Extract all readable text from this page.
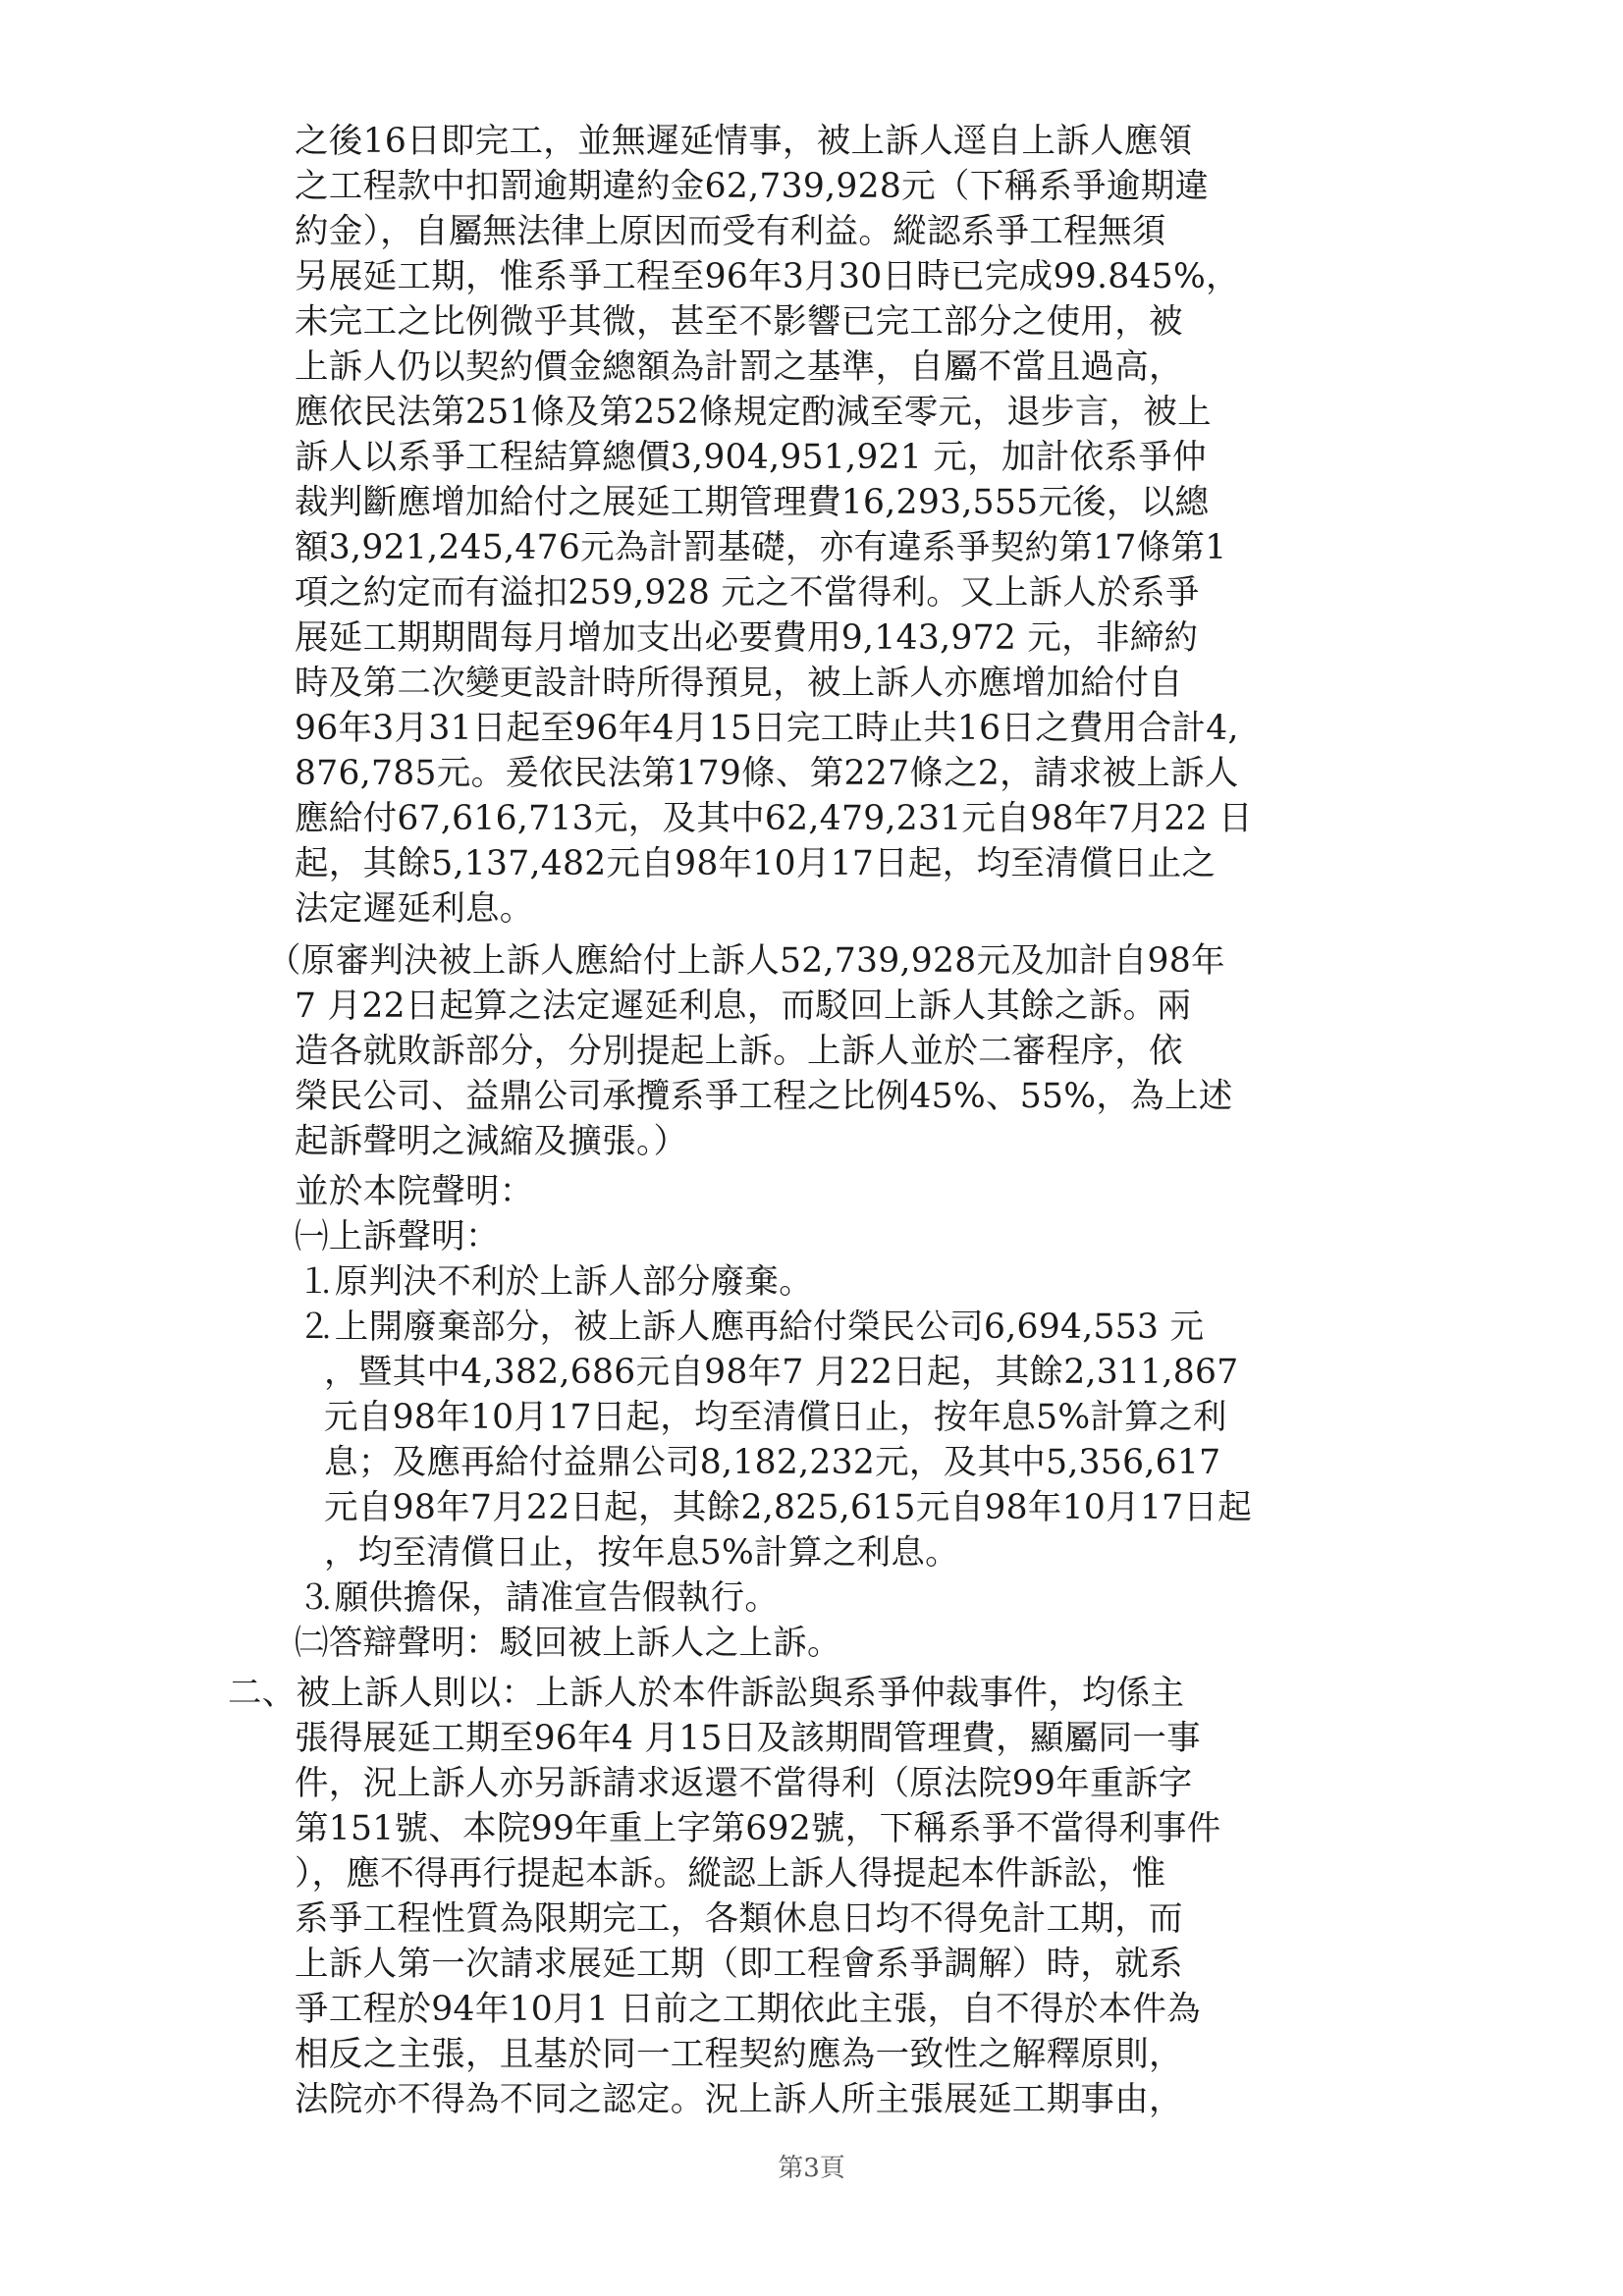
之後16日即完工，並無遲延情事，被上訴人逕自上訴人應領
之工程款中扣罰逾期違約金62,739,928元（下稱系爭逾期違
約金），自屬無法律上原因而受有利益。縱認系爭工程無須
另展延工期，惟系爭工程至96年3月30日時已完成99.845%，
未完工之比例微乎其微，甚至不影響已完工部分之使用，被
上訴人仍以契約價金總額為計罰之基準，自屬不當且過高，
應依民法第251條及第252條規定酌減至零元，退步言，被上
訴人以系爭工程結算總價3,904,951,921 元，加計依系爭仲
裁判斷應增加給付之展延工期管理費16,293,555元後，以總
額3,921,245,476元為計罰基礎，亦有違系爭契約第17條第1
項之約定而有溢扣259,928 元之不當得利。又上訴人於系爭
展延工期期間每月增加支出必要費用9,143,972 元，非締約
時及第二次變更設計時所得預見，被上訴人亦應增加給付自
96年3月31日起至96年4月15日完工時止共16日之費用合計4,
876,785元。爰依民法第179條、第227條之2，請求被上訴人
應給付67,616,713元，及其中62,479,231元自98年7月22 日
起，其餘5,137,482元自98年10月17日起，均至清償日止之
法定遲延利息。
（原審判決被上訴人應給付上訴人52,739,928元及加計自98年
7 月22日起算之法定遲延利息，而駁回上訴人其餘之訴。兩
造各就敗訴部分，分別提起上訴。上訴人並於二審程序，依
榮民公司、益鼎公司承攬系爭工程之比例45%、55%，為上述
起訴聲明之減縮及擴張。）
並於本院聲明：
㈠上訴聲明：
⒈原判決不利於上訴人部分廢棄。
⒉上開廢棄部分，被上訴人應再給付榮民公司6,694,553 元
，暨其中4,382,686元自98年7 月22日起，其餘2,311,867
元自98年10月17日起，均至清償日止，按年息5%計算之利
息；及應再給付益鼎公司8,182,232元，及其中5,356,617
元自98年7月22日起，其餘2,825,615元自98年10月17日起
，均至清償日止，按年息5%計算之利息。
⒊願供擔保，請准宣告假執行。
㈡答辯聲明：駁回被上訴人之上訴。
二、被上訴人則以：上訴人於本件訴訟與系爭仲裁事件，均係主
張得展延工期至96年4 月15日及該期間管理費，顯屬同一事
件，況上訴人亦另訴請求返還不當得利（原法院99年重訴字
第151號、本院99年重上字第692號，下稱系爭不當得利事件
），應不得再行提起本訴。縱認上訴人得提起本件訴訟，惟
系爭工程性質為限期完工，各類休息日均不得免計工期，而
上訴人第一次請求展延工期（即工程會系爭調解）時，就系
爭工程於94年10月1 日前之工期依此主張，自不得於本件為
相反之主張，且基於同一工程契約應為一致性之解釋原則，
法院亦不得為不同之認定。況上訴人所主張展延工期事由，
第3頁
